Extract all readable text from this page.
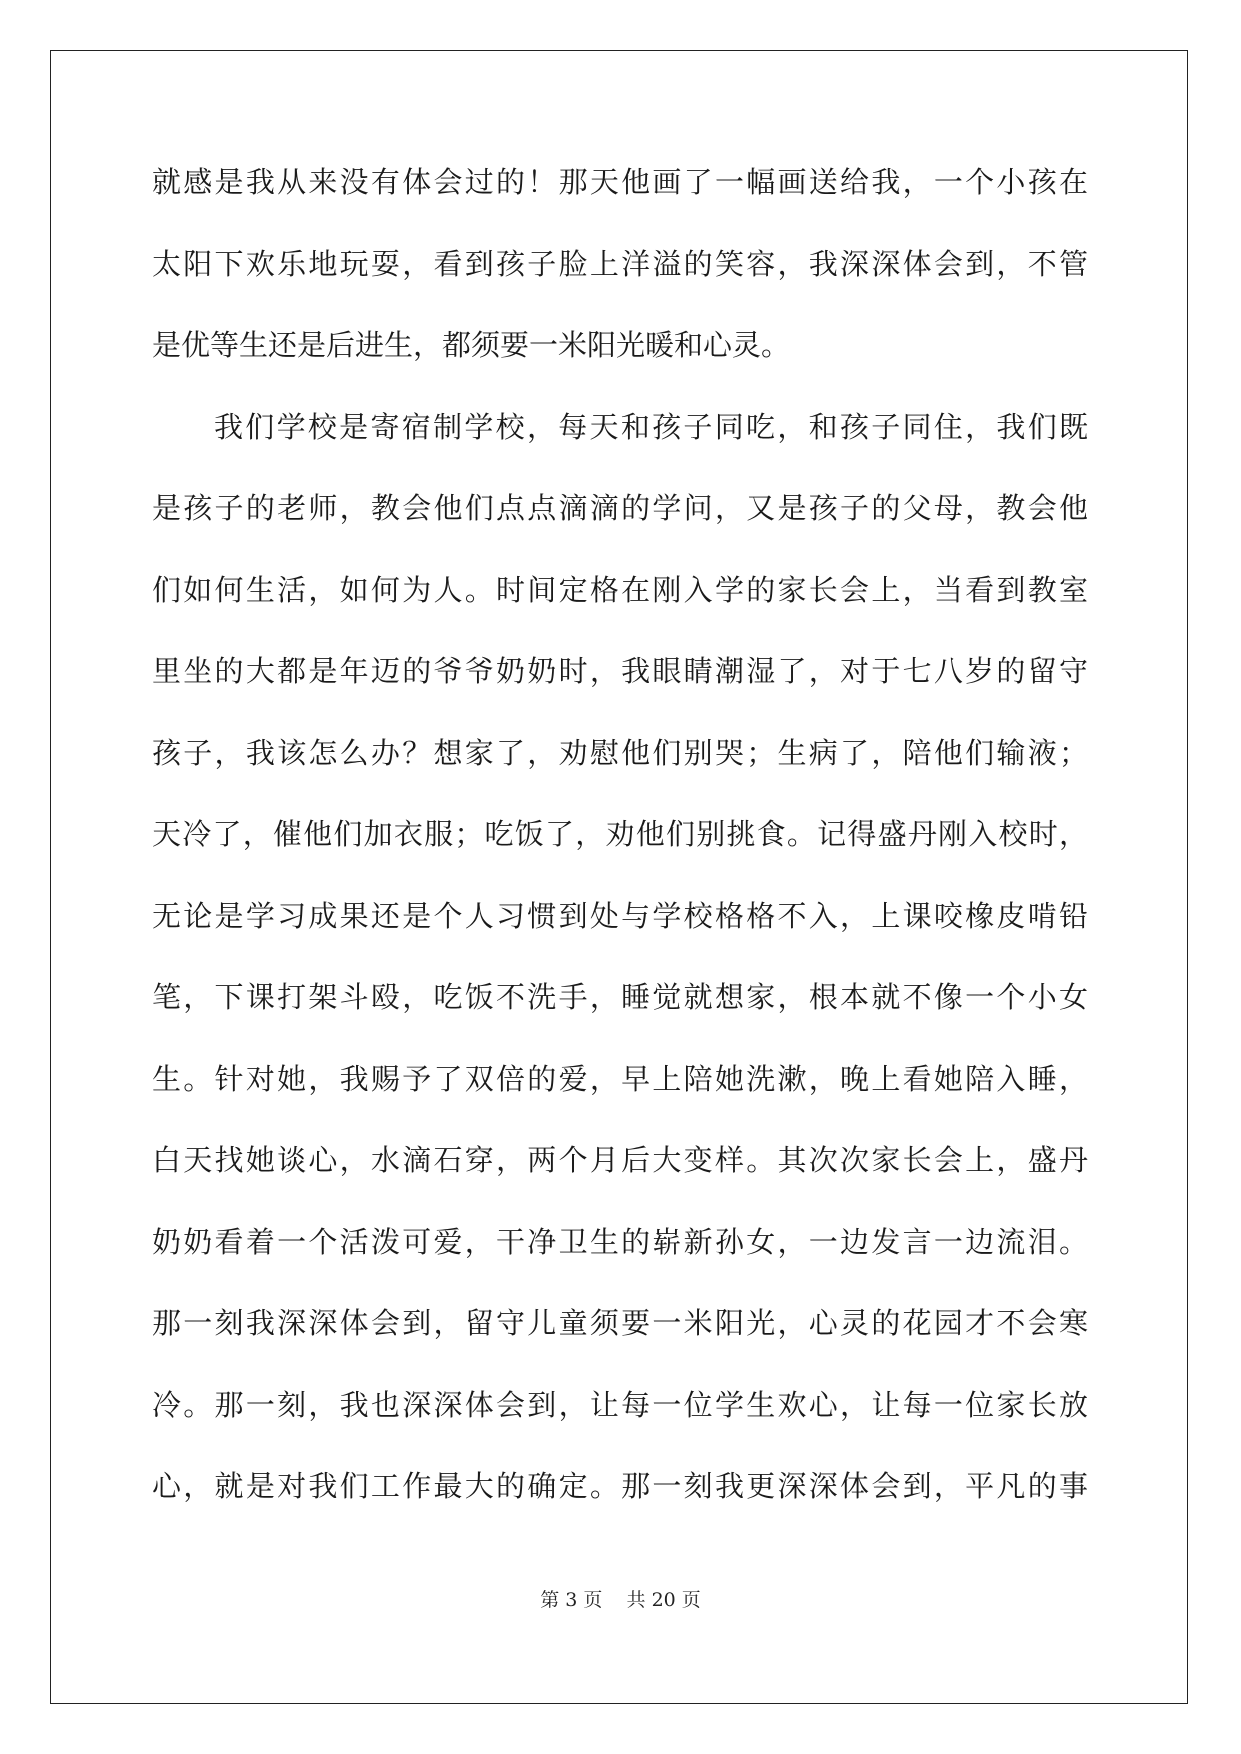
就感是我从来没有体会过的！那天他画了一幅画送给我，一个小孩在
太阳下欢乐地玩耍，看到孩子脸上洋溢的笑容，我深深体会到，不管
是优等生还是后进生，都须要一米阳光暖和心灵。
我们学校是寄宿制学校，每天和孩子同吃，和孩子同住，我们既
是孩子的老师，教会他们点点滴滴的学问，又是孩子的父母，教会他
们如何生活，如何为人。时间定格在刚入学的家长会上，当看到教室
里坐的大都是年迈的爷爷奶奶时，我眼睛潮湿了，对于七八岁的留守
孩子，我该怎么办？想家了，劝慰他们别哭；生病了，陪他们输液；
天冷了，催他们加衣服；吃饭了，劝他们别挑食。记得盛丹刚入校时，
无论是学习成果还是个人习惯到处与学校格格不入，上课咬橡皮啃铅
笔，下课打架斗殴，吃饭不洗手，睡觉就想家，根本就不像一个小女
生。针对她，我赐予了双倍的爱，早上陪她洗漱，晚上看她陪入睡，
白天找她谈心，水滴石穿，两个月后大变样。其次次家长会上，盛丹
奶奶看着一个活泼可爱，干净卫生的崭新孙女，一边发言一边流泪。
那一刻我深深体会到，留守儿童须要一米阳光，心灵的花园才不会寒
冷。那一刻，我也深深体会到，让每一位学生欢心，让每一位家长放
心，就是对我们工作最大的确定。那一刻我更深深体会到，平凡的事
第 3 页 共 20 页
